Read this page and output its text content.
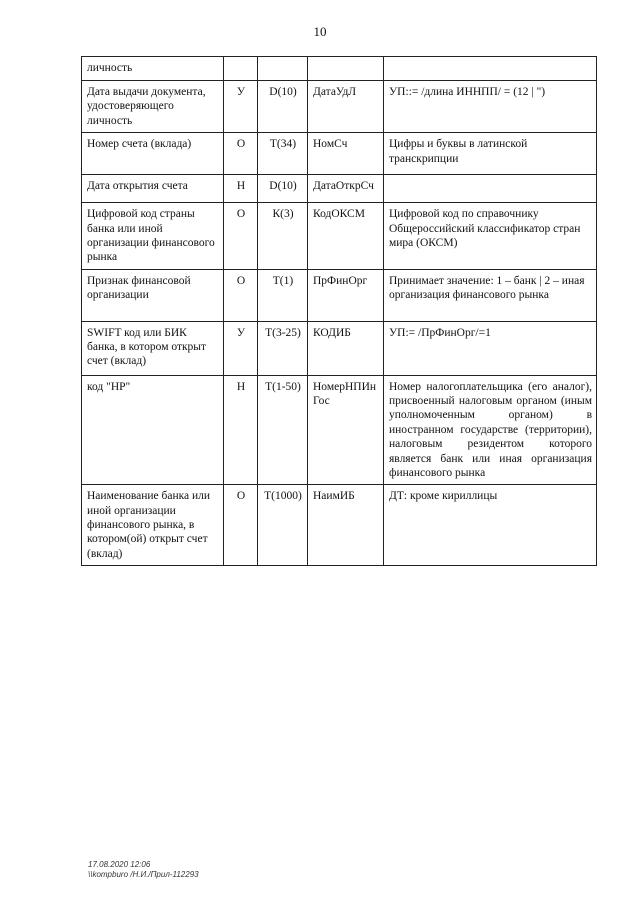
10
личность				
Дата выдачи документа, удостоверяющего личность	У	D(10)	ДатаУдЛ	УП::= /длина ИННПП/ = (12 | ")
Номер счета (вклада)	О	Т(34)	НомСч	Цифры и буквы в латинской транскрипции
Дата открытия счета	Н	D(10)	ДатаОткрСч	
Цифровой код страны банка или иной организации финансового рынка	О	К(3)	КодОКСМ	Цифровой код по справочнику Общероссийский классификатор стран мира (ОКСМ)
Признак финансовой организации	О	Т(1)	ПрФинОрг	Принимает значение: 1 – банк | 2 – иная организация финансового рынка
SWIFT код или БИК банка, в котором открыт счет (вклад)	У	Т(3-25)	КОДИБ	УП:= /ПрФинОрг/=1
код "НР"	Н	Т(1-50)	НомерНПИнГос	Номер налогоплательщика (его аналог), присвоенный налоговым органом (иным уполномоченным органом) в иностранном государстве (территории), налоговым резидентом которого является банк или иная организация финансового рынка
Наименование банка или иной организации финансового рынка, в котором(ой) открыт счет (вклад)	О	Т(1000)	НаимИБ	ДТ: кроме кириллицы
17.08.2020 12:06
\\kompburo /Н.И./Прил-112293
